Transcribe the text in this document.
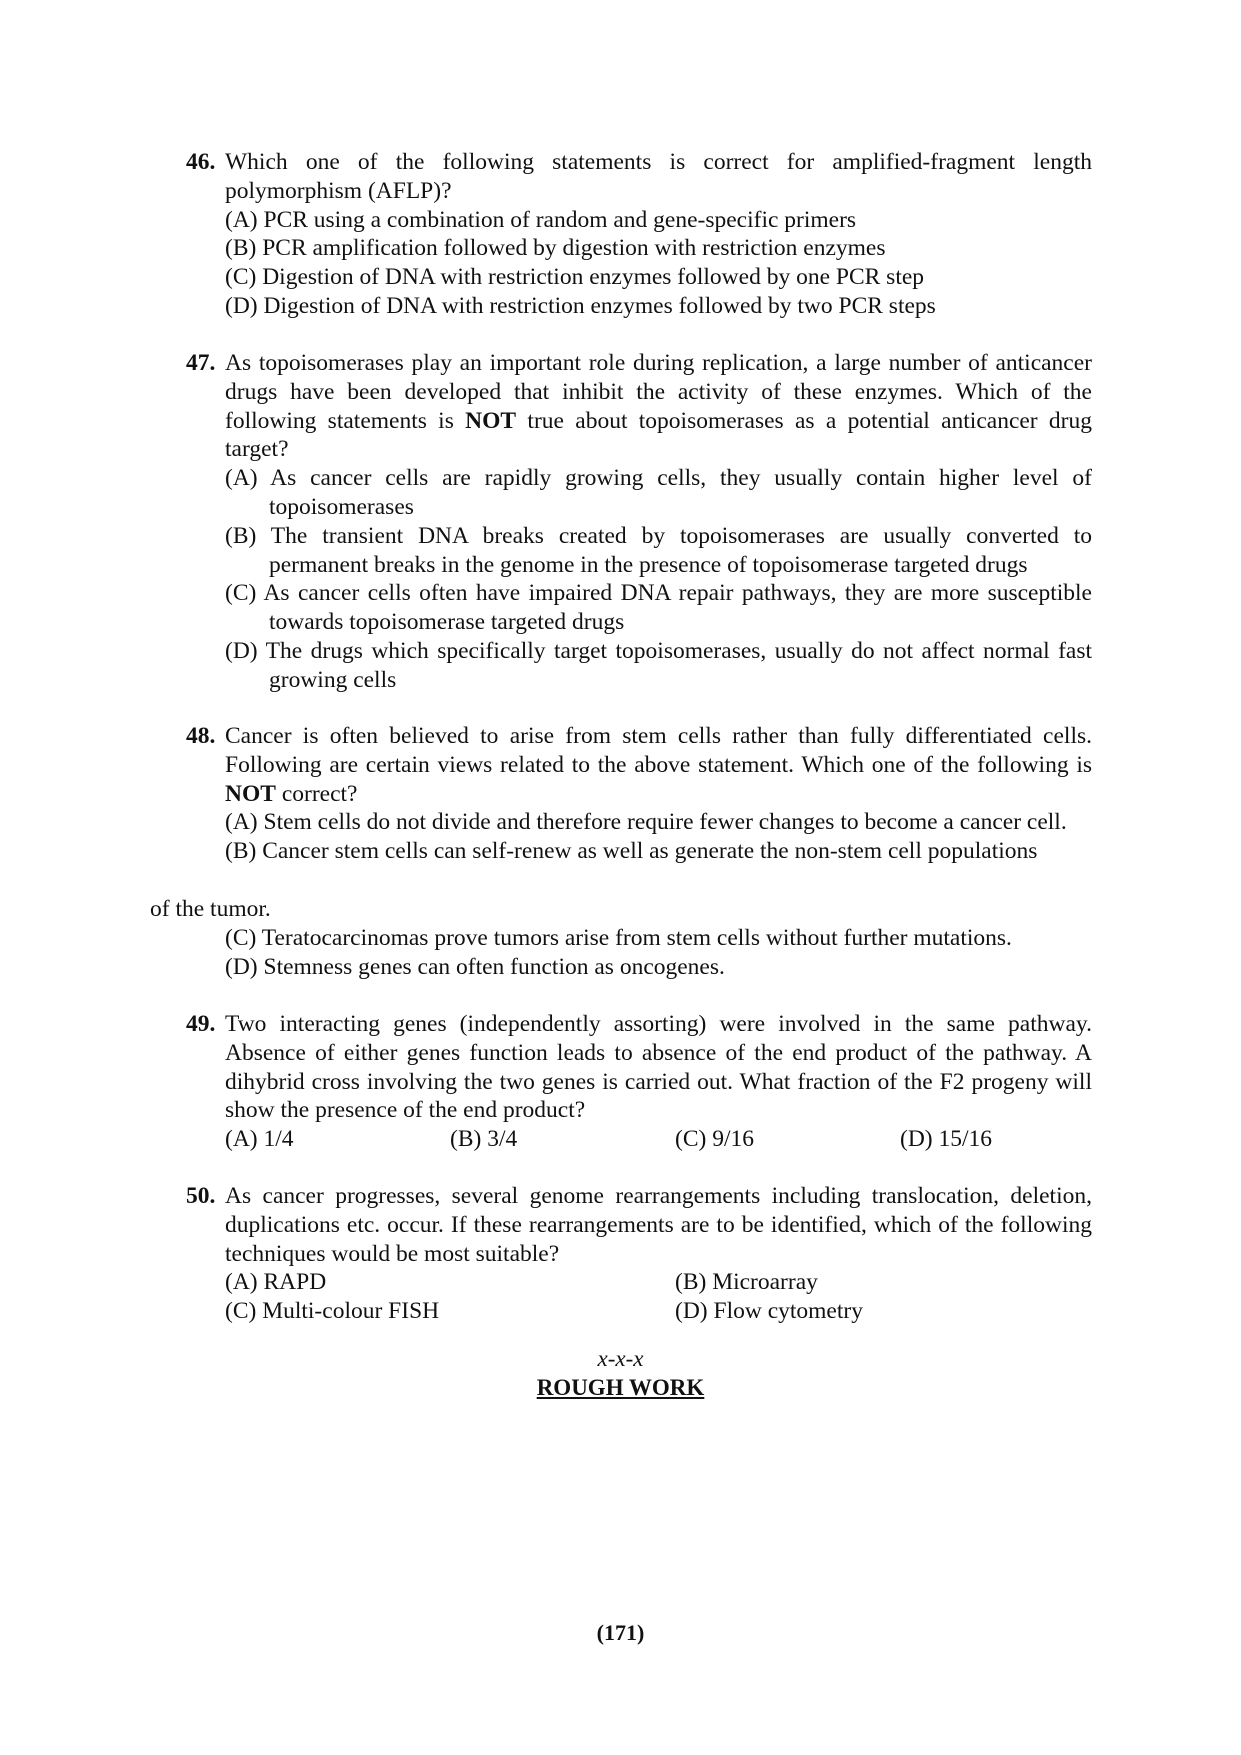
46. Which one of the following statements is correct for amplified-fragment length polymorphism (AFLP)?
(A) PCR using a combination of random and gene-specific primers
(B) PCR amplification followed by digestion with restriction enzymes
(C) Digestion of DNA with restriction enzymes followed by one PCR step
(D) Digestion of DNA with restriction enzymes followed by two PCR steps
47. As topoisomerases play an important role during replication, a large number of anticancer drugs have been developed that inhibit the activity of these enzymes. Which of the following statements is NOT true about topoisomerases as a potential anticancer drug target?
(A) As cancer cells are rapidly growing cells, they usually contain higher level of topoisomerases
(B) The transient DNA breaks created by topoisomerases are usually converted to permanent breaks in the genome in the presence of topoisomerase targeted drugs
(C) As cancer cells often have impaired DNA repair pathways, they are more susceptible towards topoisomerase targeted drugs
(D) The drugs which specifically target topoisomerases, usually do not affect normal fast growing cells
48. Cancer is often believed to arise from stem cells rather than fully differentiated cells. Following are certain views related to the above statement. Which one of the following is NOT correct?
(A) Stem cells do not divide and therefore require fewer changes to become a cancer cell.
(B) Cancer stem cells can self-renew as well as generate the non-stem cell populations
of the tumor.
(C) Teratocarcinomas prove tumors arise from stem cells without further mutations.
(D) Stemness genes can often function as oncogenes.
49. Two interacting genes (independently assorting) were involved in the same pathway. Absence of either genes function leads to absence of the end product of the pathway. A dihybrid cross involving the two genes is carried out. What fraction of the F2 progeny will show the presence of the end product?
(A) 1/4	(B) 3/4	(C) 9/16	(D) 15/16
50. As cancer progresses, several genome rearrangements including translocation, deletion, duplications etc. occur. If these rearrangements are to be identified, which of the following techniques would be most suitable?
(A) RAPD	(B) Microarray
(C) Multi-colour FISH	(D) Flow cytometry
x-x-x
ROUGH WORK
(171)
